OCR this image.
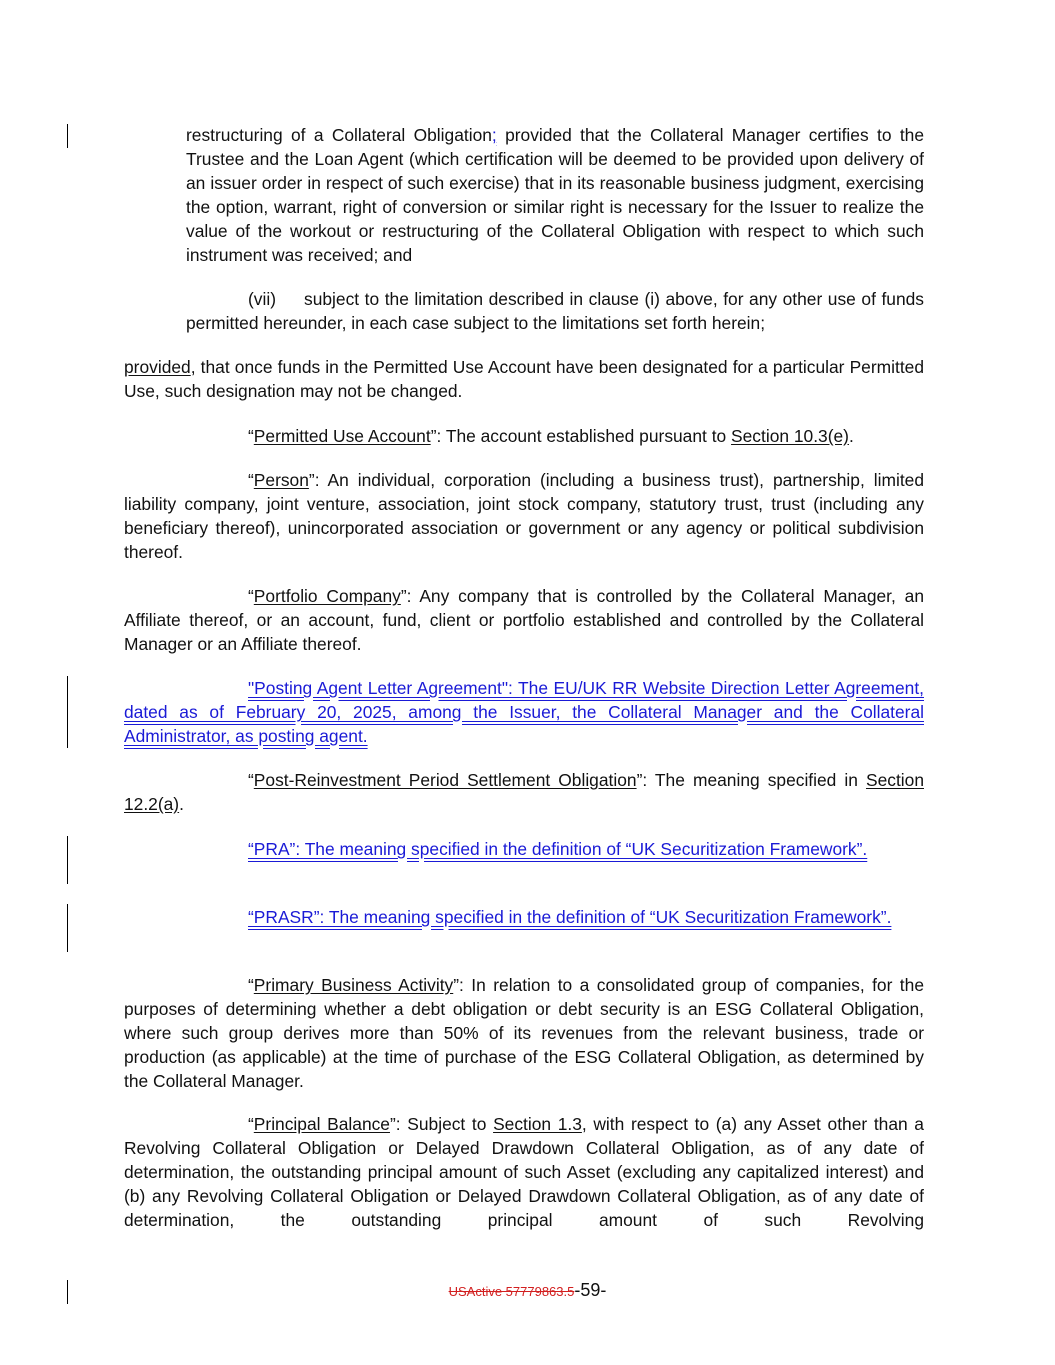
restructuring of a Collateral Obligation; provided that the Collateral Manager certifies to the Trustee and the Loan Agent (which certification will be deemed to be provided upon delivery of an issuer order in respect of such exercise) that in its reasonable business judgment, exercising the option, warrant, right of conversion or similar right is necessary for the Issuer to realize the value of the workout or restructuring of the Collateral Obligation with respect to which such instrument was received; and

(vii) subject to the limitation described in clause (i) above, for any other use of funds permitted hereunder, in each case subject to the limitations set forth herein;

provided, that once funds in the Permitted Use Account have been designated for a particular Permitted Use, such designation may not be changed.

“Permitted Use Account”: The account established pursuant to Section 10.3(e).

“Person”: An individual, corporation (including a business trust), partnership, limited liability company, joint venture, association, joint stock company, statutory trust, trust (including any beneficiary thereof), unincorporated association or government or any agency or political subdivision thereof.

“Portfolio Company”: Any company that is controlled by the Collateral Manager, an Affiliate thereof, or an account, fund, client or portfolio established and controlled by the Collateral Manager or an Affiliate thereof.

"Posting Agent Letter Agreement": The EU/UK RR Website Direction Letter Agreement, dated as of February 20, 2025, among the Issuer, the Collateral Manager and the Collateral Administrator, as posting agent.

“Post-Reinvestment Period Settlement Obligation”: The meaning specified in Section 12.2(a).

“PRA”: The meaning specified in the definition of “UK Securitization Framework”.

“PRASR”: The meaning specified in the definition of “UK Securitization Framework”.

“Primary Business Activity”: In relation to a consolidated group of companies, for the purposes of determining whether a debt obligation or debt security is an ESG Collateral Obligation, where such group derives more than 50% of its revenues from the relevant business, trade or production (as applicable) at the time of purchase of the ESG Collateral Obligation, as determined by the Collateral Manager.

“Principal Balance”: Subject to Section 1.3, with respect to (a) any Asset other than a Revolving Collateral Obligation or Delayed Drawdown Collateral Obligation, as of any date of determination, the outstanding principal amount of such Asset (excluding any capitalized interest) and (b) any Revolving Collateral Obligation or Delayed Drawdown Collateral Obligation, as of any date of determination, the outstanding principal amount of such Revolving

USActive 57779863.5-59-
